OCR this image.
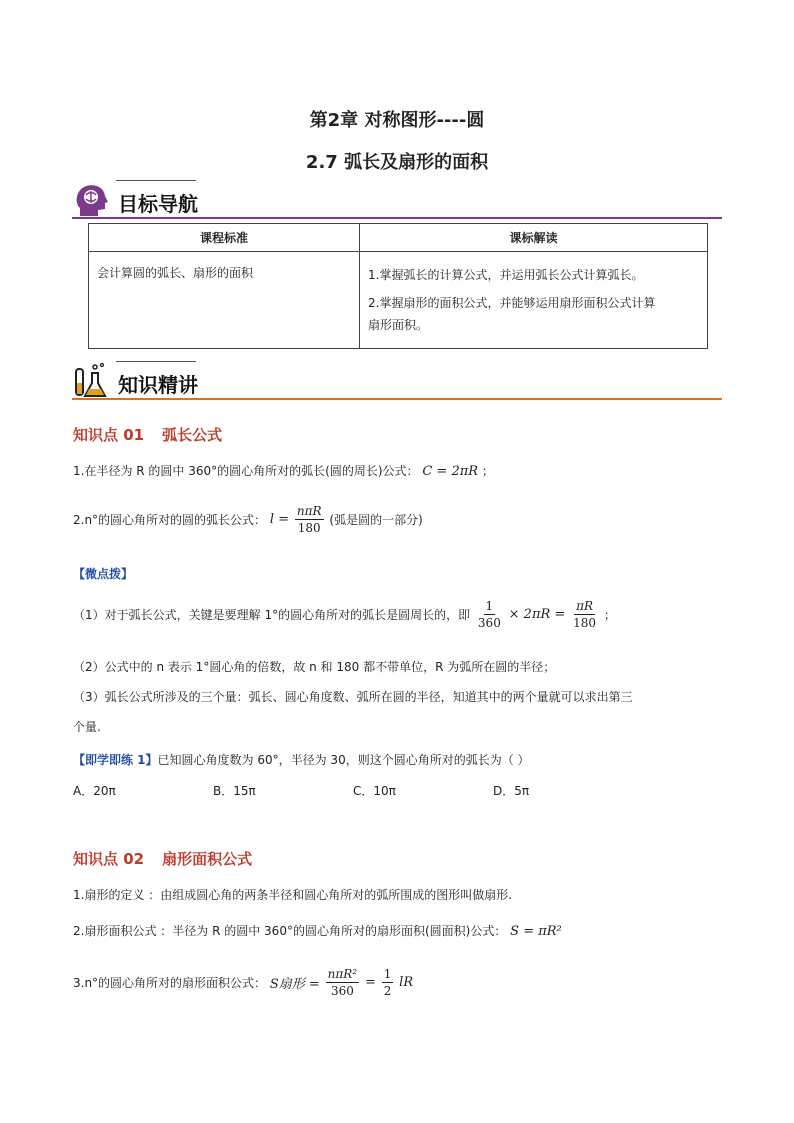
第2章 对称图形----圆
2.7 弧长及扇形的面积
目标导航
课程标准	课标解读
会计算圆的弧长、扇形的面积	1.掌握弧长的计算公式，并运用弧长公式计算弧长。

2.掌握扇形的面积公式，并能够运用扇形面积公式计算

扇形面积。

知识精讲
知识点 01 弧长公式
1.在半径为 R 的圆中 360°的圆心角所对的弧长(圆的周长)公式： C = 2πR ；
2.n°的圆心角所对的圆的弧长公式： $l = \frac{\text{nπR}}{180}$ (弧是圆的一部分)
【微点拨】
（1）对于弧长公式，关键是要理解 1°的圆心角所对的弧长是圆周长的，即 $\frac{1}{360} \times 2\pi R = \frac{\pi R}{180}$ ；
（2）公式中的 n 表示 1°圆心角的倍数，故 n 和 180 都不带单位，R 为弧所在圆的半径；
（3）弧长公式所涉及的三个量：弧长、圆心角度数、弧所在圆的半径，知道其中的两个量就可以求出第三
个量.
【即学即练 1】已知圆心角度数为 60°，半径为 30，则这个圆心角所对的弧长为（ ）
A．20π	B．15π	C．10π	D．5π
知识点 02 扇形面积公式
1.扇形的定义 ：由组成圆心角的两条半径和圆心角所对的弧所围成的图形叫做扇形.
2.扇形面积公式 ：半径为 R 的圆中 360°的圆心角所对的扇形面积(圆面积)公式： S = πR²
3.n°的圆心角所对的扇形面积公式： S扇形 = $\frac{\text{nπR²}}{360} = \frac{1}{2}$ lR
